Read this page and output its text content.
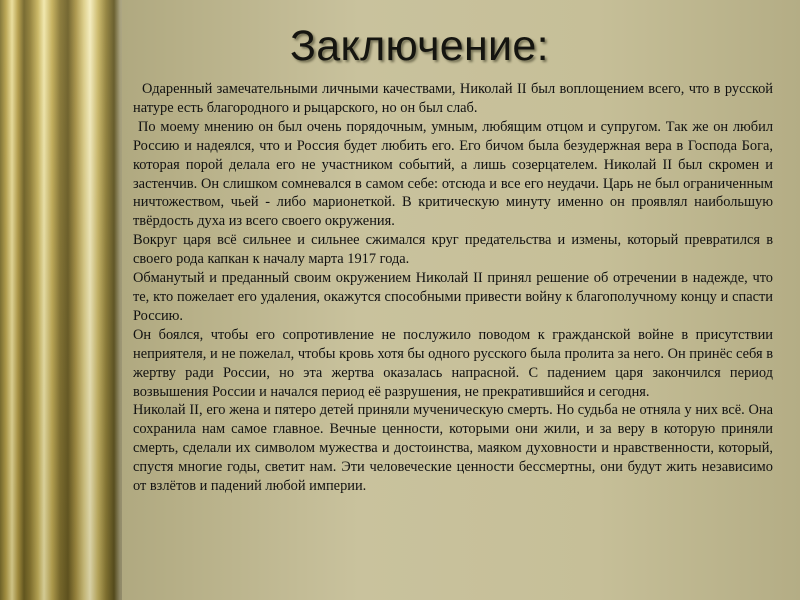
Заключение:

Одаренный замечательными личными качествами, Николай II был воплощением всего, что в русской натуре есть благородного и рыцарского, но он был слаб.

По моему мнению он был очень порядочным, умным, любящим отцом и супругом. Так же он любил Россию и надеялся, что и Россия будет любить его. Его бичом была безудержная вера в Господа Бога, которая порой делала его не участником событий, а лишь созерцателем. Николай II был скромен и застенчив. Он слишком сомневался в самом себе: отсюда и все его неудачи. Царь не был ограниченным ничтожеством, чьей - либо марионеткой. В критическую минуту именно он проявлял наибольшую твёрдость духа из всего своего окружения.

Вокруг царя всё сильнее и сильнее сжимался круг предательства и измены, который превратился в своего рода капкан к началу марта 1917 года.

Обманутый и преданный своим окружением Николай II принял решение об отречении в надежде, что те, кто пожелает его удаления, окажутся способными привести войну к благополучному концу и спасти Россию.

Он боялся, чтобы его сопротивление не послужило поводом к гражданской войне в присутствии неприятеля, и не пожелал, чтобы кровь хотя бы одного русского была пролита за него. Он принёс себя в жертву ради России, но эта жертва оказалась напрасной. С падением царя закончился период возвышения России и начался период её разрушения, не прекратившийся и сегодня.

Николай II, его жена и пятеро детей приняли мученическую смерть. Но судьба не отняла у них всё. Она сохранила нам самое главное. Вечные ценности, которыми они жили, и за веру в которую приняли смерть, сделали их символом мужества и достоинства, маяком духовности и нравственности, который, спустя многие годы, светит нам. Эти человеческие ценности бессмертны, они будут жить независимо от взлётов и падений любой империи.
